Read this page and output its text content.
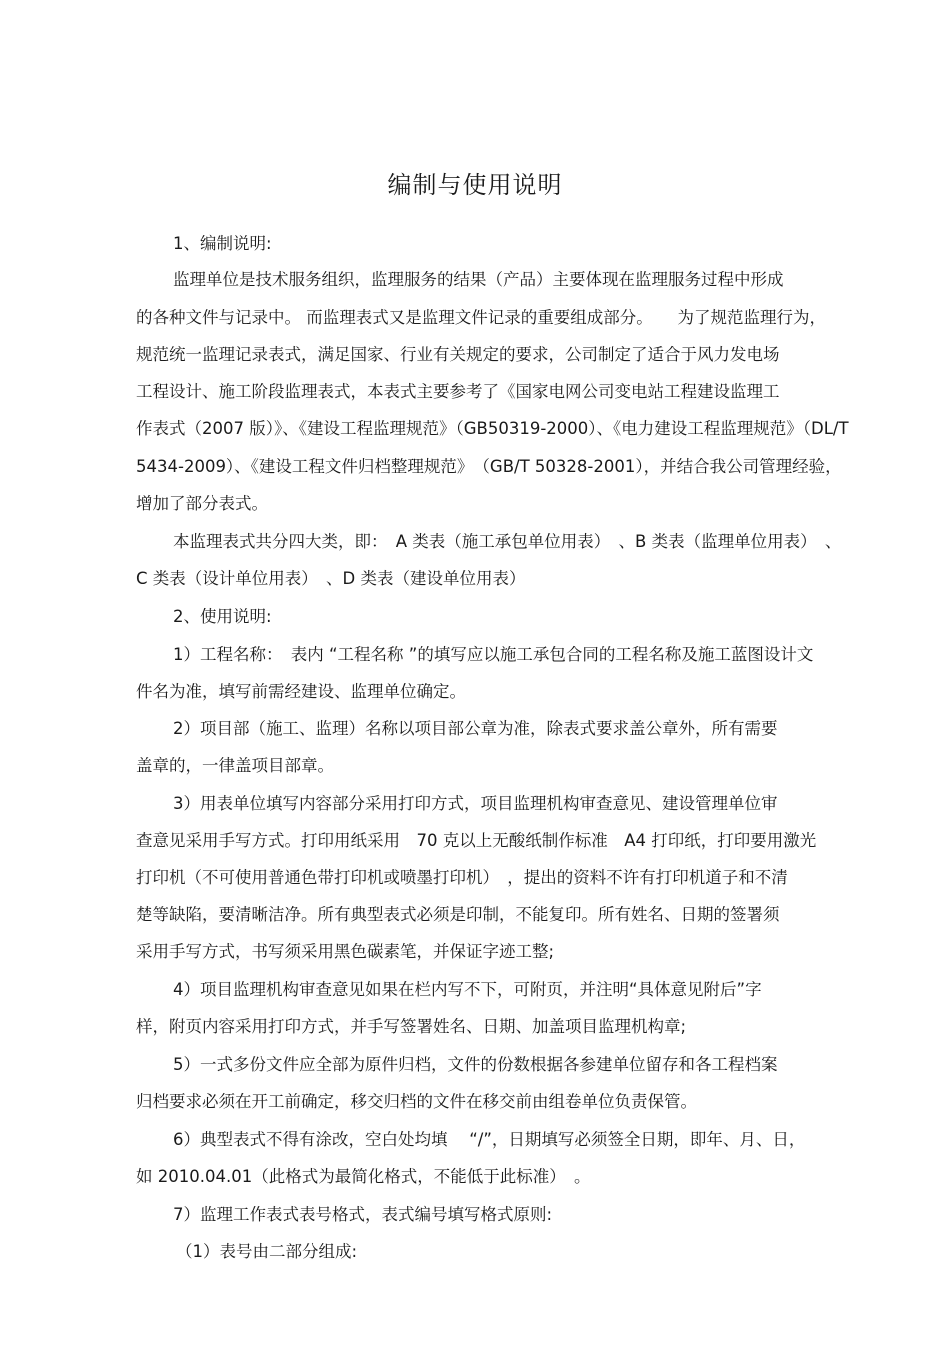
编制与使用说明

1、编制说明:

监理单位是技术服务组织，监理服务的结果（产品）主要体现在监理服务过程中形成

的各种文件与记录中。 而监理表式又是监理文件记录的重要组成部分。　　为了规范监理行为，

规范统一监理记录表式，满足国家、行业有关规定的要求，公司制定了适合于风力发电场

工程设计、施工阶段监理表式，本表式主要参考了《国家电网公司变电站工程建设监理工

作表式（2007 版）》、《建设工程监理规范》（GB50319-2000）、《电力建设工程监理规范》（DL/T

5434-2009）、《建设工程文件归档整理规范》　（GB/T 50328-2001），并结合我公司管理经验，

增加了部分表式。

本监理表式共分四大类，即：　A 类表（施工承包单位用表）　、B 类表（监理单位用表）　、

C 类表（设计单位用表）　、D 类表（建设单位用表）

2、使用说明:

1）工程名称：　表内 “工程名称 ”的填写应以施工承包合同的工程名称及施工蓝图设计文

件名为准，填写前需经建设、监理单位确定。

2）项目部（施工、监理）名称以项目部公章为准，除表式要求盖公章外，所有需要

盖章的，一律盖项目部章。

3）用表单位填写内容部分采用打印方式，项目监理机构审查意见、建设管理单位审

查意见采用手写方式。打印用纸采用　70 克以上无酸纸制作标准　A4 打印纸，打印要用激光

打印机（不可使用普通色带打印机或喷墨打印机）　，提出的资料不许有打印机道子和不清

楚等缺陷，要清晰洁净。所有典型表式必须是印制，不能复印。所有姓名、日期的签署须

采用手写方式，书写须采用黑色碳素笔，并保证字迹工整;

4）项目监理机构审查意见如果在栏内写不下，可附页，并注明“具体意见附后”字

样，附页内容采用打印方式，并手写签署姓名、日期、加盖项目监理机构章;

5）一式多份文件应全部为原件归档，文件的份数根据各参建单位留存和各工程档案

归档要求必须在开工前确定，移交归档的文件在移交前由组卷单位负责保管。

6）典型表式不得有涂改，空白处均填　 “/”，日期填写必须签全日期，即年、月、日，

如 2010.04.01（此格式为最简化格式，不能低于此标准）　。

7）监理工作表式表号格式，表式编号填写格式原则:

（1）表号由二部分组成:
